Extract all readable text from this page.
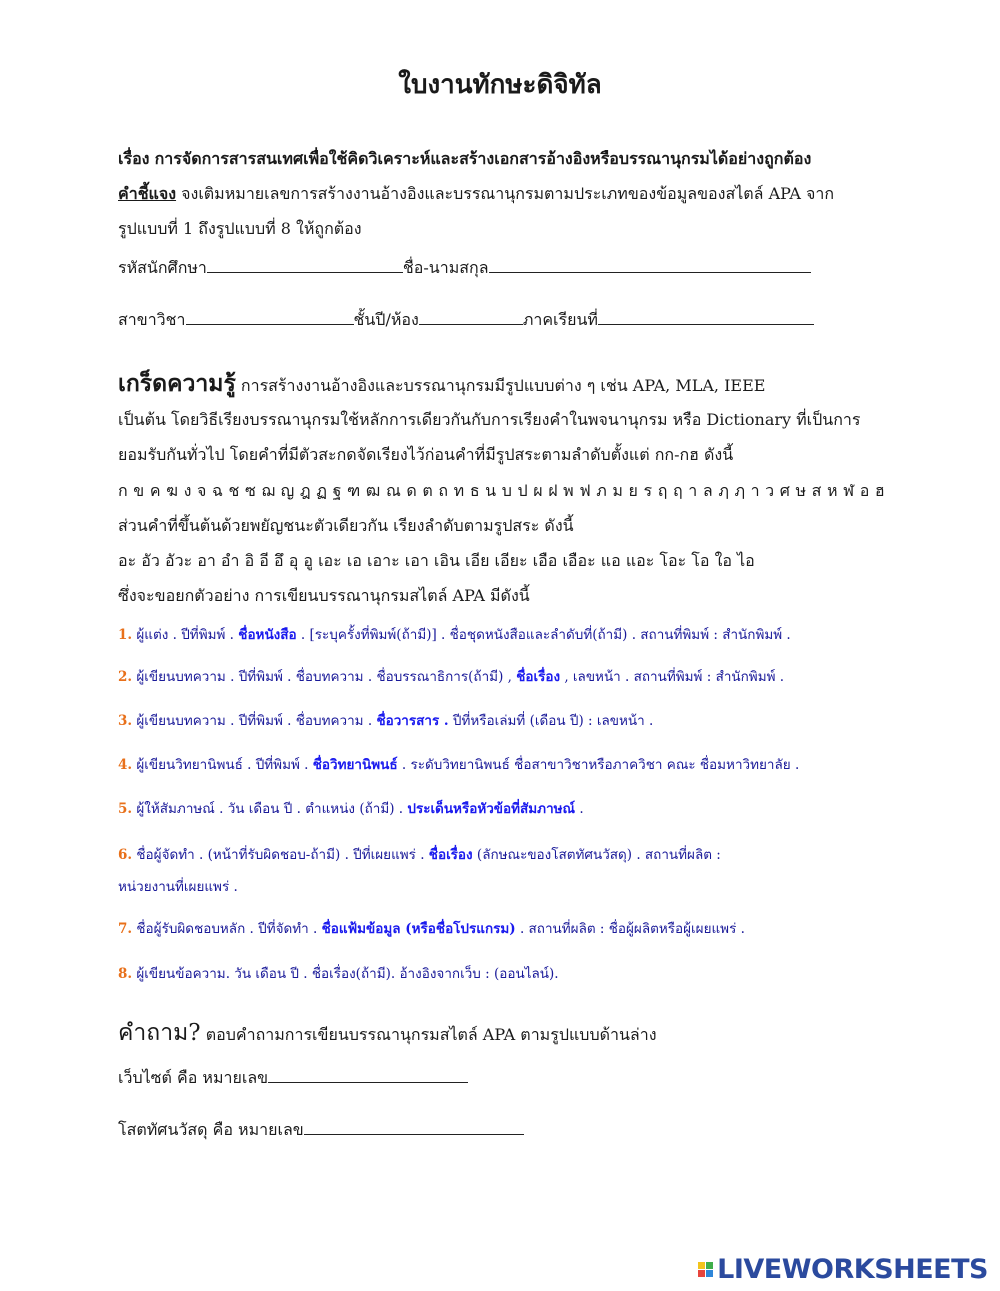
ใบงานทักษะดิจิทัล
เรื่อง การจัดการสารสนเทศเพื่อใช้คิดวิเคราะห์และสร้างเอกสารอ้างอิงหรือบรรณานุกรมได้อย่างถูกต้อง
คำชี้แจง จงเติมหมายเลขการสร้างงานอ้างอิงและบรรณานุกรมตามประเภทของข้อมูลของสไตล์ APA จาก
รูปแบบที่ 1 ถึงรูปแบบที่ 8 ให้ถูกต้อง
รหัสนักศึกษา	ชื่อ-นามสกุล
สาขาวิชา	ชั้นปี/ห้อง	ภาคเรียนที่
เกร็ดความรู้ การสร้างงานอ้างอิงและบรรณานุกรมมีรูปแบบต่าง ๆ เช่น APA, MLA, IEEE
เป็นต้น โดยวิธีเรียงบรรณานุกรมใช้หลักการเดียวกันกับการเรียงคำในพจนานุกรม หรือ Dictionary ที่เป็นการ
ยอมรับกันทั่วไป โดยคำที่มีตัวสะกดจัดเรียงไว้ก่อนคำที่มีรูปสระตามลำดับตั้งแต่ กก-กฮ ดังนี้
กขคฆงจฉชซฌญฎฏฐฑฒณดตถทธนบปผฝพฟภมยรฤฤาลฦฦาวศษสหฬอฮ
ส่วนคำที่ขึ้นต้นด้วยพยัญชนะตัวเดียวกัน เรียงลำดับตามรูปสระ ดังนี้
อะ อัว อัวะ อา อำ อิ อี อึ อุ อู เอะ เอ เอาะ เอา เอิน เอีย เอียะ เอือ เอือะ แอ แอะ โอะ โอ ใอ ไอ
ซึ่งจะขอยกตัวอย่าง การเขียนบรรณานุกรมสไตล์ APA มีดังนี้
1. ผู้แต่ง . ปีที่พิมพ์ . ชื่อหนังสือ . [ระบุครั้งที่พิมพ์(ถ้ามี)] . ชื่อชุดหนังสือและลำดับที่(ถ้ามี) . สถานที่พิมพ์ : สำนักพิมพ์ .
2. ผู้เขียนบทความ . ปีที่พิมพ์ . ชื่อบทความ . ชื่อบรรณาธิการ(ถ้ามี) , ชื่อเรื่อง , เลขหน้า . สถานที่พิมพ์ : สำนักพิมพ์ .
3. ผู้เขียนบทความ . ปีที่พิมพ์ . ชื่อบทความ . ชื่อวารสาร . ปีที่หรือเล่มที่ (เดือน ปี) : เลขหน้า .
4. ผู้เขียนวิทยานิพนธ์ . ปีที่พิมพ์ . ชื่อวิทยานิพนธ์ . ระดับวิทยานิพนธ์ ชื่อสาขาวิชาหรือภาควิชา คณะ ชื่อมหาวิทยาลัย .
5. ผู้ให้สัมภาษณ์ . วัน เดือน ปี . ตำแหน่ง (ถ้ามี) . ประเด็นหรือหัวข้อที่สัมภาษณ์ .
6. ชื่อผู้จัดทำ . (หน้าที่รับผิดชอบ-ถ้ามี) . ปีที่เผยแพร่ . ชื่อเรื่อง (ลักษณะของโสตทัศนวัสดุ) . สถานที่ผลิต :
หน่วยงานที่เผยแพร่ .
7. ชื่อผู้รับผิดชอบหลัก . ปีที่จัดทำ . ชื่อแฟ้มข้อมูล (หรือชื่อโปรแกรม) . สถานที่ผลิต : ชื่อผู้ผลิตหรือผู้เผยแพร่ .
8. ผู้เขียนข้อความ. วัน เดือน ปี . ชื่อเรื่อง(ถ้ามี). อ้างอิงจากเว็บ : (ออนไลน์).
คำถาม? ตอบคำถามการเขียนบรรณานุกรมสไตล์ APA ตามรูปแบบด้านล่าง
เว็บไซต์ คือ หมายเลข
โสตทัศนวัสดุ คือ หมายเลข
LIVEWORKSHEETS
